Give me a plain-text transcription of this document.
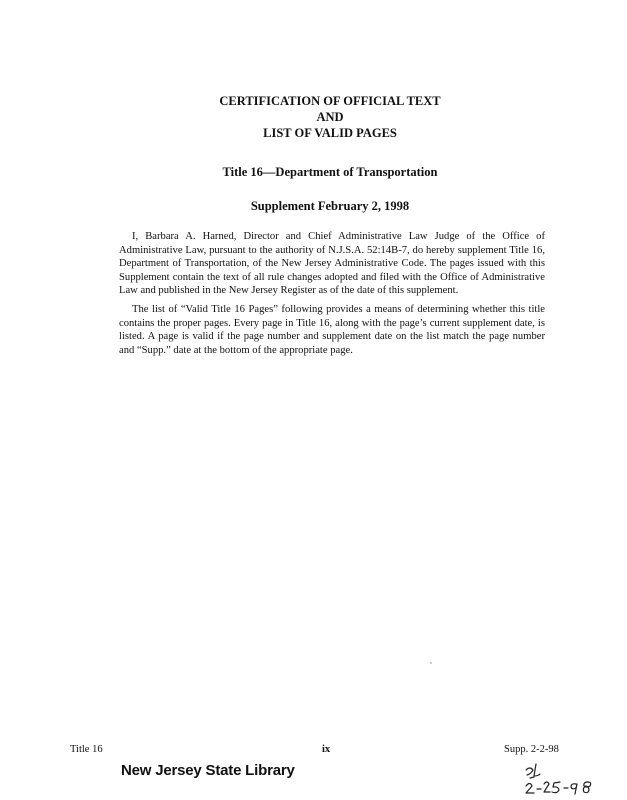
CERTIFICATION OF OFFICIAL TEXT
AND
LIST OF VALID PAGES
Title 16—Department of Transportation
Supplement February 2, 1998

I, Barbara A. Harned, Director and Chief Administrative Law Judge of the Office of Administrative Law, pursuant to the authority of N.J.S.A. 52:14B-7, do hereby supplement Title 16, Department of Transportation, of the New Jersey Administrative Code. The pages issued with this Supplement contain the text of all rule changes adopted and filed with the Office of Administrative Law and published in the New Jersey Register as of the date of this supplement.

The list of “Valid Title 16 Pages” following provides a means of determining whether this title contains the proper pages. Every page in Title 16, along with the page’s current supplement date, is listed. A page is valid if the page number and supplement date on the list match the page number and “Supp.” date at the bottom of the appropriate page.

Title 16	ix	Supp. 2-2-98
New Jersey State Library
